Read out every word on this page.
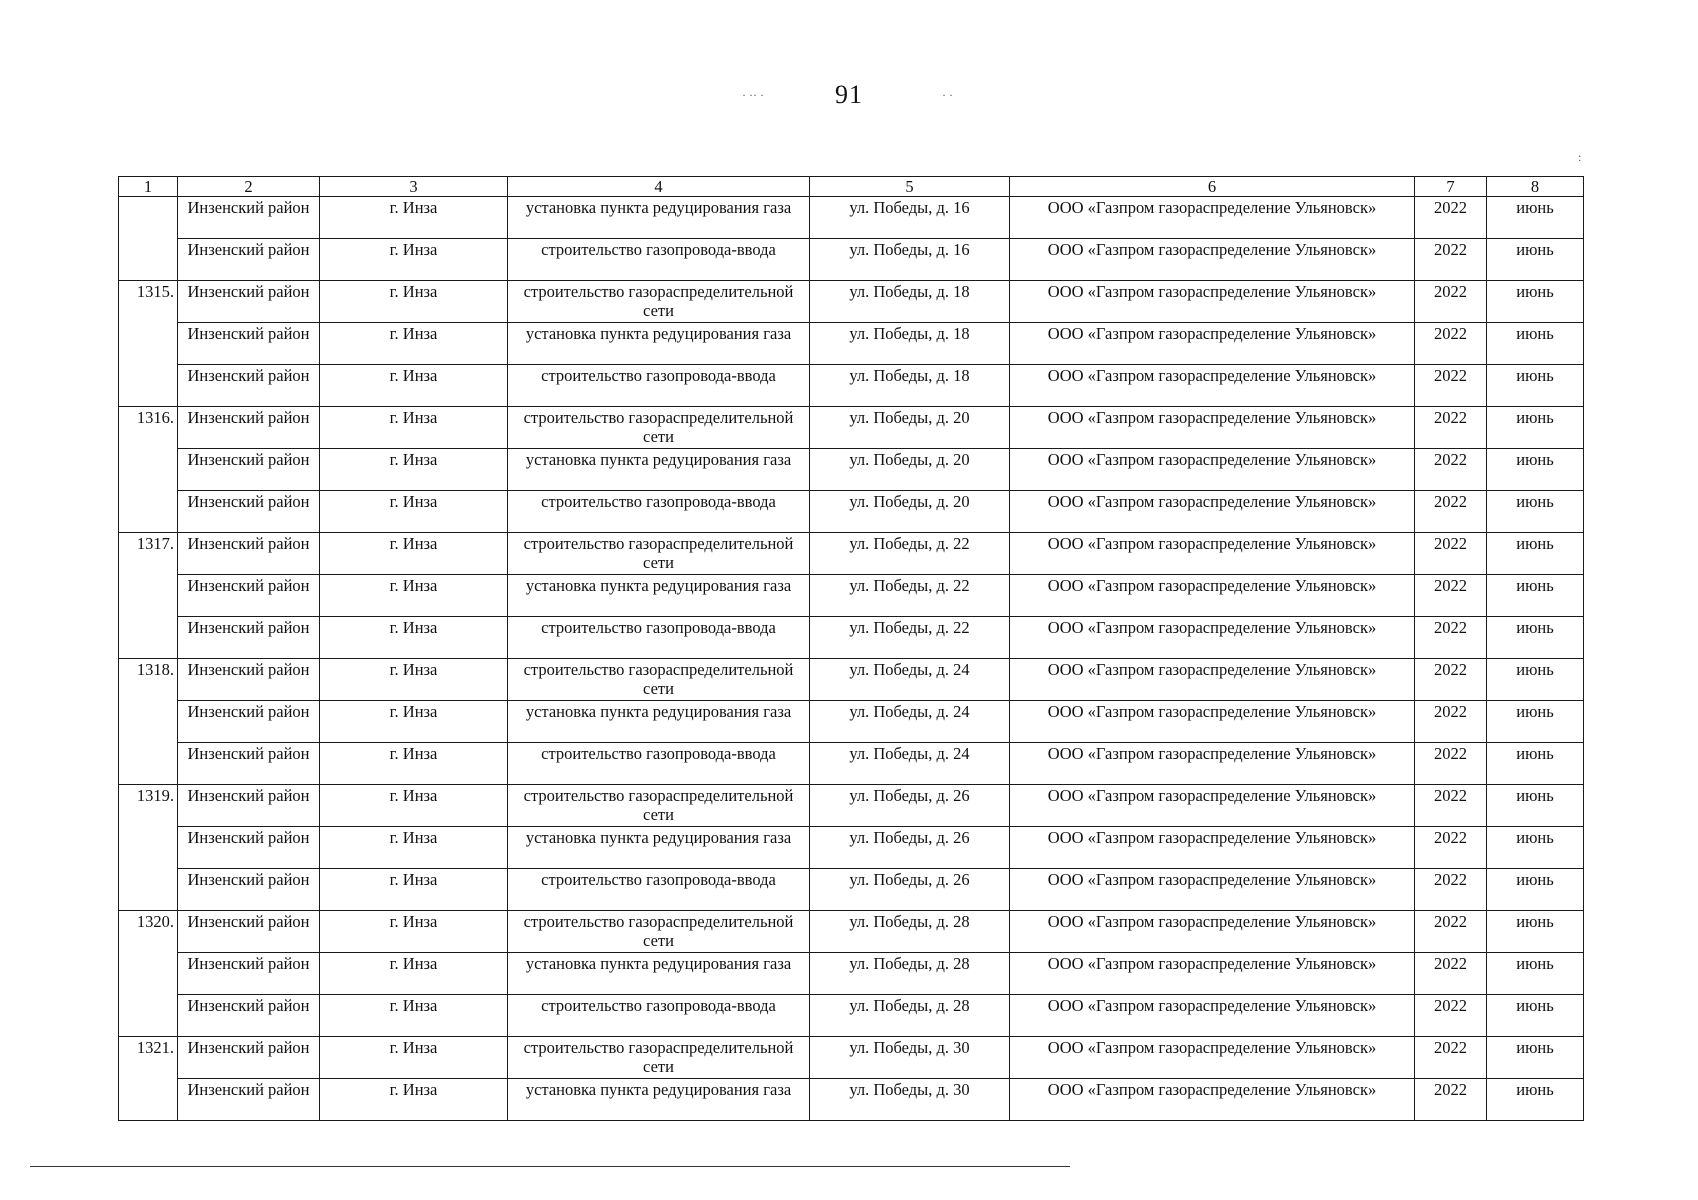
91
· ·· ·	· ·
:
1	2	3	4	5	6	7	8
	Инзенский район	г. Инза	установка пункта редуцирования газа	ул. Победы, д. 16	ООО «Газпром газораспределение Ульяновск»	2022	июнь
	Инзенский район	г. Инза	строительство газопровода-ввода	ул. Победы, д. 16	ООО «Газпром газораспределение Ульяновск»	2022	июнь
1315.	Инзенский район	г. Инза	строительство газораспределительной сети	ул. Победы, д. 18	ООО «Газпром газораспределение Ульяновск»	2022	июнь
	Инзенский район	г. Инза	установка пункта редуцирования газа	ул. Победы, д. 18	ООО «Газпром газораспределение Ульяновск»	2022	июнь
	Инзенский район	г. Инза	строительство газопровода-ввода	ул. Победы, д. 18	ООО «Газпром газораспределение Ульяновск»	2022	июнь
1316.	Инзенский район	г. Инза	строительство газораспределительной сети	ул. Победы, д. 20	ООО «Газпром газораспределение Ульяновск»	2022	июнь
	Инзенский район	г. Инза	установка пункта редуцирования газа	ул. Победы, д. 20	ООО «Газпром газораспределение Ульяновск»	2022	июнь
	Инзенский район	г. Инза	строительство газопровода-ввода	ул. Победы, д. 20	ООО «Газпром газораспределение Ульяновск»	2022	июнь
1317.	Инзенский район	г. Инза	строительство газораспределительной сети	ул. Победы, д. 22	ООО «Газпром газораспределение Ульяновск»	2022	июнь
	Инзенский район	г. Инза	установка пункта редуцирования газа	ул. Победы, д. 22	ООО «Газпром газораспределение Ульяновск»	2022	июнь
	Инзенский район	г. Инза	строительство газопровода-ввода	ул. Победы, д. 22	ООО «Газпром газораспределение Ульяновск»	2022	июнь
1318.	Инзенский район	г. Инза	строительство газораспределительной сети	ул. Победы, д. 24	ООО «Газпром газораспределение Ульяновск»	2022	июнь
	Инзенский район	г. Инза	установка пункта редуцирования газа	ул. Победы, д. 24	ООО «Газпром газораспределение Ульяновск»	2022	июнь
	Инзенский район	г. Инза	строительство газопровода-ввода	ул. Победы, д. 24	ООО «Газпром газораспределение Ульяновск»	2022	июнь
1319.	Инзенский район	г. Инза	строительство газораспределительной сети	ул. Победы, д. 26	ООО «Газпром газораспределение Ульяновск»	2022	июнь
	Инзенский район	г. Инза	установка пункта редуцирования газа	ул. Победы, д. 26	ООО «Газпром газораспределение Ульяновск»	2022	июнь
	Инзенский район	г. Инза	строительство газопровода-ввода	ул. Победы, д. 26	ООО «Газпром газораспределение Ульяновск»	2022	июнь
1320.	Инзенский район	г. Инза	строительство газораспределительной сети	ул. Победы, д. 28	ООО «Газпром газораспределение Ульяновск»	2022	июнь
	Инзенский район	г. Инза	установка пункта редуцирования газа	ул. Победы, д. 28	ООО «Газпром газораспределение Ульяновск»	2022	июнь
	Инзенский район	г. Инза	строительство газопровода-ввода	ул. Победы, д. 28	ООО «Газпром газораспределение Ульяновск»	2022	июнь
1321.	Инзенский район	г. Инза	строительство газораспределительной сети	ул. Победы, д. 30	ООО «Газпром газораспределение Ульяновск»	2022	июнь
	Инзенский район	г. Инза	установка пункта редуцирования газа	ул. Победы, д. 30	ООО «Газпром газораспределение Ульяновск»	2022	июнь
